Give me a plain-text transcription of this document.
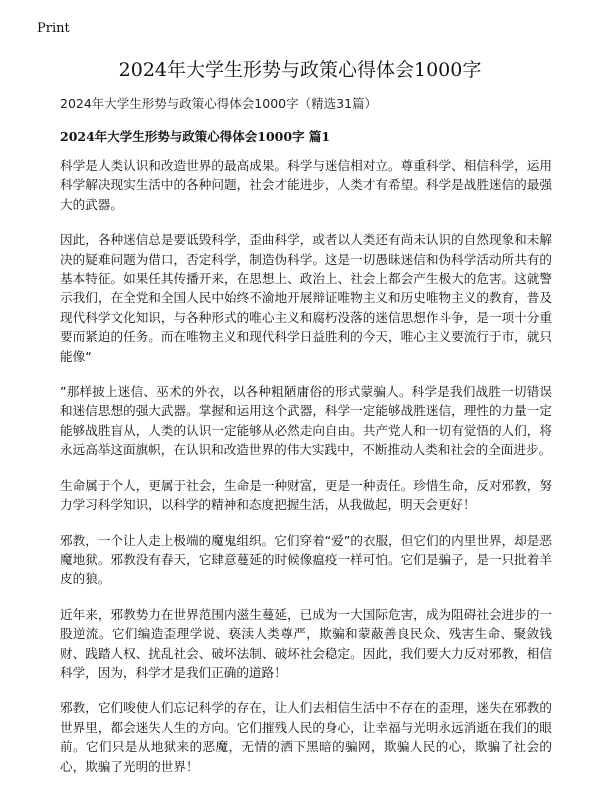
Print
2024年大学生形势与政策心得体会1000字
2024年大学生形势与政策心得体会1000字（精选31篇）
2024年大学生形势与政策心得体会1000字 篇1

科学是人类认识和改造世界的最高成果。科学与迷信相对立。尊重科学、相信科学，运用科学解决现实生活中的各种问题，社会才能进步，人类才有希望。科学是战胜迷信的最强大的武器。

因此，各种迷信总是要诋毁科学，歪曲科学，或者以人类还有尚未认识的自然现象和未解决的疑难问题为借口，否定科学，制造伪科学。这是一切愚昧迷信和伪科学活动所共有的基本特征。如果任其传播开来，在思想上、政治上、社会上都会产生极大的危害。这就警示我们，在全党和全国人民中始终不渝地开展辩证唯物主义和历史唯物主义的教育，普及现代科学文化知识，与各种形式的唯心主义和腐朽没落的迷信思想作斗争，是一项十分重要而紧迫的任务。而在唯物主义和现代科学日益胜利的今天，唯心主义要流行于市，就只能像“

”那样披上迷信、巫术的外衣，以各种粗陋庸俗的形式蒙骗人。科学是我们战胜一切错误和迷信思想的强大武器。掌握和运用这个武器，科学一定能够战胜迷信，理性的力量一定能够战胜盲从，人类的认识一定能够从必然走向自由。共产党人和一切有觉悟的人们，将永远高举这面旗帜，在认识和改造世界的伟大实践中，不断推动人类和社会的全面进步。

生命属于个人，更属于社会，生命是一种财富，更是一种责任。珍惜生命，反对邪教，努力学习科学知识，以科学的精神和态度把握生活，从我做起，明天会更好！

邪教，一个让人走上极端的魔鬼组织。它们穿着“爱”的衣服，但它们的内里世界，却是恶魔地狱。邪教没有春天，它肆意蔓延的时候像瘟疫一样可怕。它们是骗子，是一只批着羊皮的狼。

近年来，邪教势力在世界范围内滋生蔓延，已成为一大国际危害，成为阻碍社会进步的一股逆流。它们编造歪理学说、亵渎人类尊严，欺骗和蒙蔽善良民众、残害生命、聚敛钱财、践踏人权、扰乱社会、破坏法制、破坏社会稳定。因此，我们要大力反对邪教，相信科学，因为，科学才是我们正确的道路！

邪教，它们唆使人们忘记科学的存在，让人们去相信生活中不存在的歪理，迷失在邪教的世界里，都会迷失人生的方向。它们摧残人民的身心，让幸福与光明永远消逝在我们的眼前。它们只是从地狱来的恶魔，无情的洒下黑暗的骗网，欺骗人民的心，欺骗了社会的心，欺骗了光明的世界！
